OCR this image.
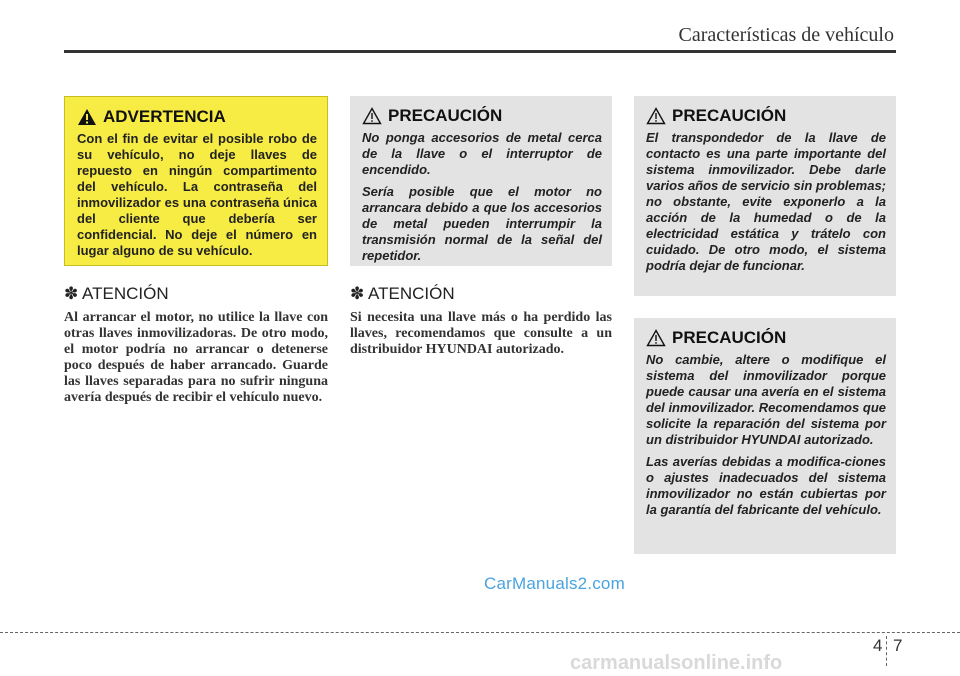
Características de vehículo
ADVERTENCIA
Con el fin de evitar el posible robo de su vehículo, no deje llaves de repuesto en ningún compartimento del vehículo. La contraseña del inmovilizador es una contraseña única del cliente que debería ser confidencial. No deje el número en lugar alguno de su vehículo.
PRECAUCIÓN

No ponga accesorios de metal cerca de la llave o el interruptor de encendido.

Sería posible que el motor no arrancara debido a que los accesorios de metal pueden interrumpir la transmisión normal de la señal del repetidor.

PRECAUCIÓN

El transpondedor de la llave de contacto es una parte importante del sistema inmovilizador. Debe darle varios años de servicio sin problemas; no obstante, evite exponerlo a la acción de la humedad o de la electricidad estática y trátelo con cuidado. De otro modo, el sistema podría dejar de funcionar.

PRECAUCIÓN

No cambie, altere o modifique el sistema del inmovilizador porque puede causar una avería en el sistema del inmovilizador. Recomendamos que solicite la reparación del sistema por un distribuidor HYUNDAI autorizado.

Las averías debidas a modifica-ciones o ajustes inadecuados del sistema inmovilizador no están cubiertas por la garantía del fabricante del vehículo.

✽ ATENCIÓN
Al arrancar el motor, no utilice la llave con otras llaves inmovilizadoras. De otro modo, el motor podría no arrancar o detenerse poco después de haber arrancado. Guarde las llaves separadas para no sufrir ninguna avería después de recibir el vehículo nuevo.
✽ ATENCIÓN
Si necesita una llave más o ha perdido las llaves, recomendamos que consulte a un distribuidor HYUNDAI autorizado.
CarManuals2.com
4 7
carmanualsonline.info
